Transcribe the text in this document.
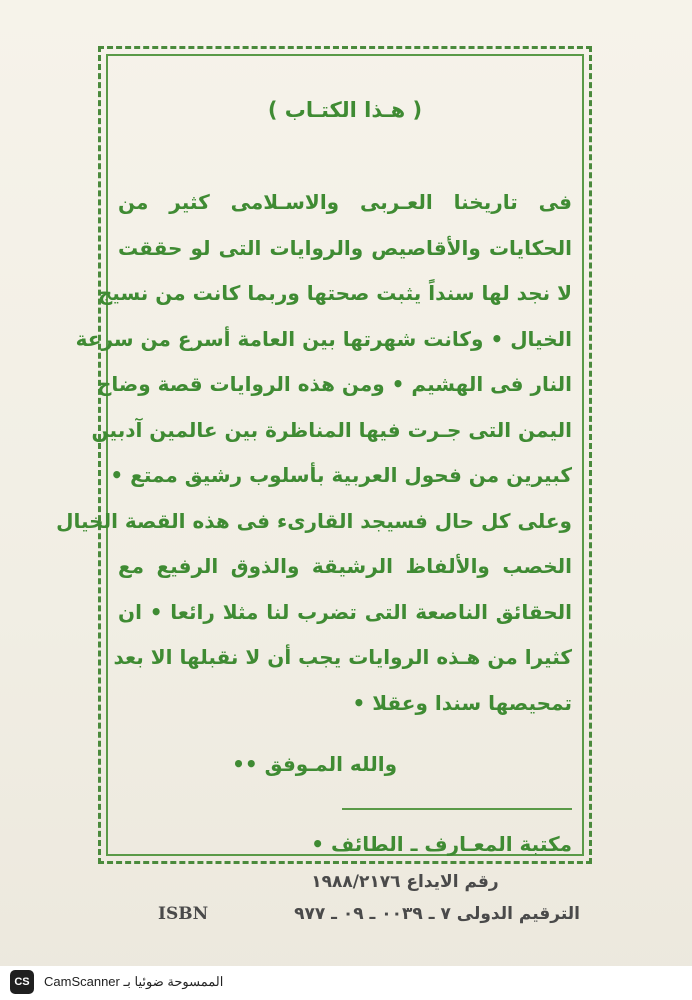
( هـذا الكتـاب )
فى تاريخنا العـربى والاسـلامى كثير من
الحكايات والأقاصيص والروايات التى لو حققت
لا نجد لها سنداً يثبت صحتها وربما كانت من نسيج
الخيال • وكانت شهرتها بين العامة أسرع من سرعة
النار فى الهشيم • ومن هذه الروايات قصة وضاح
اليمن التى جـرت فيها المناظرة بين عالمين آدبين
كبيرين من فحول العربية بأسلوب رشيق ممتع •
وعلى كل حال فسيجد القارىء فى هذه القصة الخيال
الخصب والألفاظ الرشيقة والذوق الرفيع مع
الحقائق الناصعة التى تضرب لنا مثلا رائعا • ان
كثيرا من هـذه الروايات يجب أن لا نقبلها الا بعد
تمحيصها سندا وعقلا •
والله المـوفق ••
مكتبة المعـارف ـ الطائف •
رقم الايداع ١٩٨٨/٢١٧٦
ISBN	الترقيم الدولى ٧ ـ ٠٠٣٩ ـ ٠٩ ـ ٩٧٧
CS	CamScanner الممسوحة ضوئيا بـ
